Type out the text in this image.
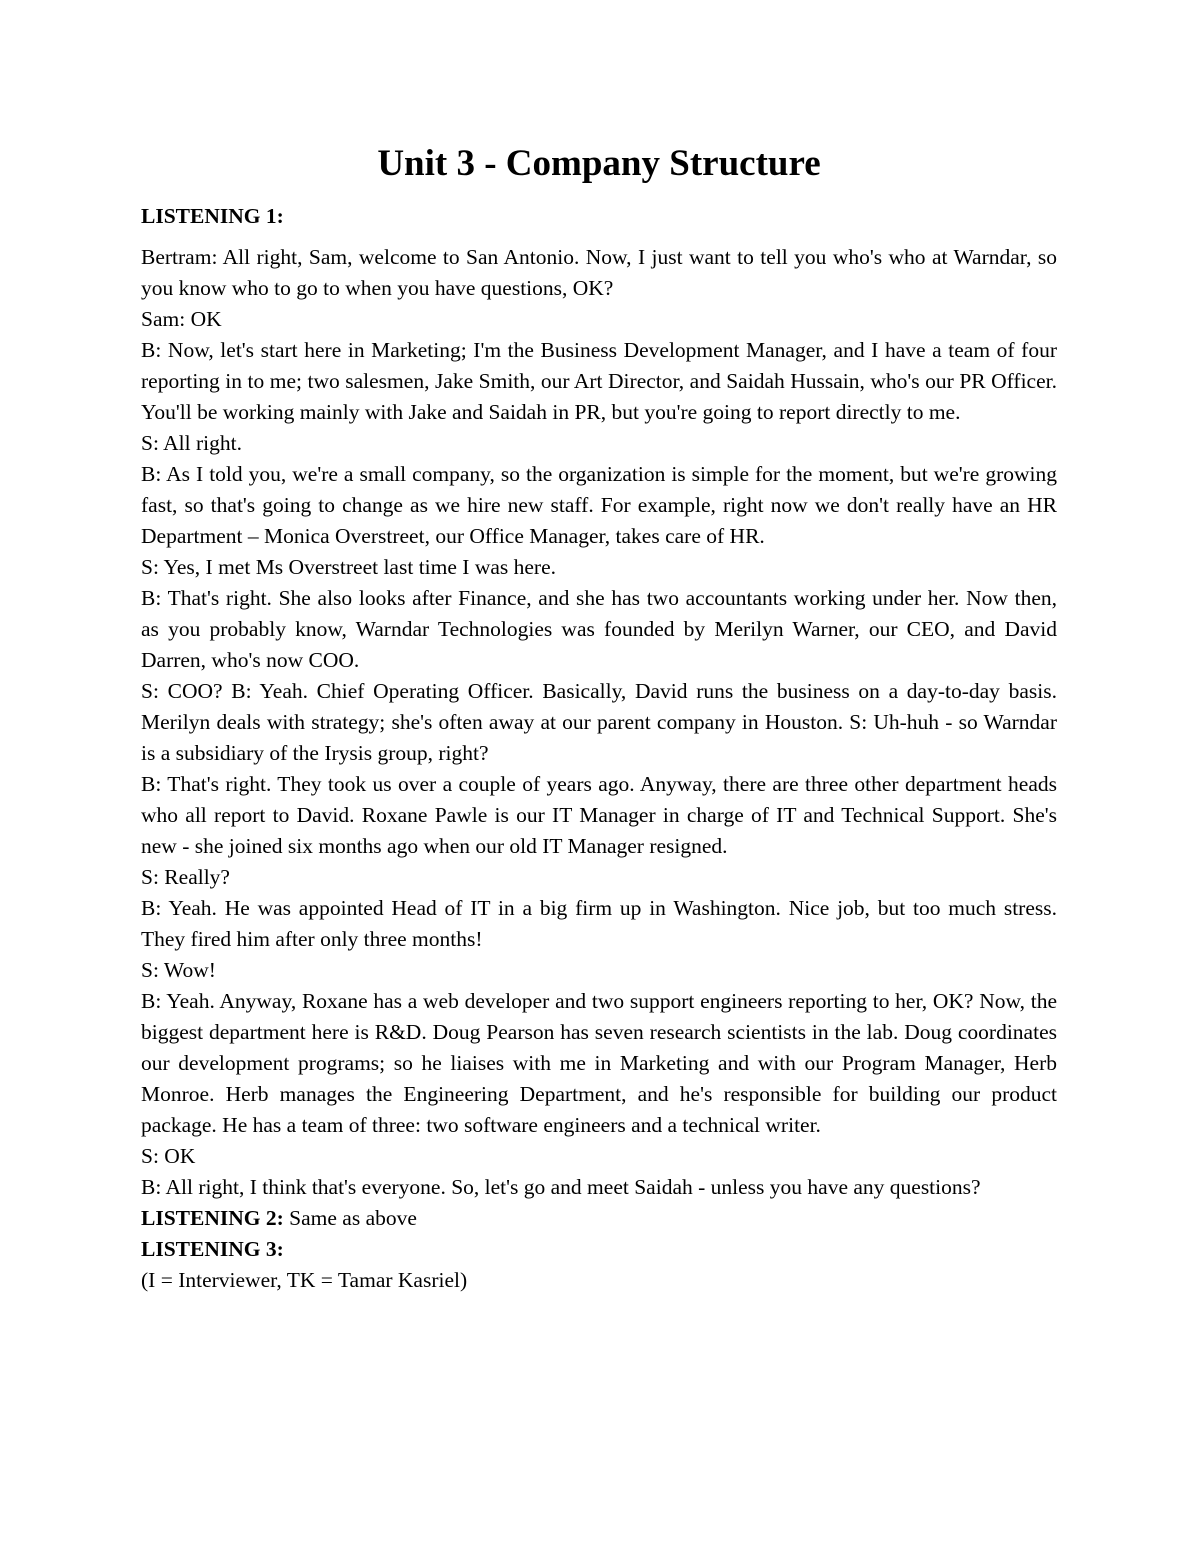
Unit 3 - Company Structure
LISTENING 1:

Bertram: All right, Sam, welcome to San Antonio. Now, I just want to tell you who's who at Warndar, so you know who to go to when you have questions, OK?

Sam: OK

B: Now, let's start here in Marketing; I'm the Business Development Manager, and I have a team of four reporting in to me; two salesmen, Jake Smith, our Art Director, and Saidah Hussain, who's our PR Officer. You'll be working mainly with Jake and Saidah in PR, but you're going to report directly to me.

S: All right.

B: As I told you, we're a small company, so the organization is simple for the moment, but we're growing fast, so that's going to change as we hire new staff. For example, right now we don't really have an HR Department – Monica Overstreet, our Office Manager, takes care of HR.

S: Yes, I met Ms Overstreet last time I was here.

B: That's right. She also looks after Finance, and she has two accountants working under her. Now then, as you probably know, Warndar Technologies was founded by Merilyn Warner, our CEO, and David Darren, who's now COO.

S: COO? B: Yeah. Chief Operating Officer. Basically, David runs the business on a day-to-day basis. Merilyn deals with strategy; she's often away at our parent company in Houston. S: Uh-huh - so Warndar is a subsidiary of the Irysis group, right?

B: That's right. They took us over a couple of years ago. Anyway, there are three other department heads who all report to David. Roxane Pawle is our IT Manager in charge of IT and Technical Support. She's new - she joined six months ago when our old IT Manager resigned.

S: Really?

B: Yeah. He was appointed Head of IT in a big firm up in Washington. Nice job, but too much stress. They fired him after only three months!

S: Wow!

B: Yeah. Anyway, Roxane has a web developer and two support engineers reporting to her, OK? Now, the biggest department here is R&D. Doug Pearson has seven research scientists in the lab. Doug coordinates our development programs; so he liaises with me in Marketing and with our Program Manager, Herb Monroe. Herb manages the Engineering Department, and he's responsible for building our product package. He has a team of three: two software engineers and a technical writer.

S: OK

B: All right, I think that's everyone. So, let's go and meet Saidah - unless you have any questions?

LISTENING 2: Same as above

LISTENING 3:

(I = Interviewer, TK = Tamar Kasriel)
